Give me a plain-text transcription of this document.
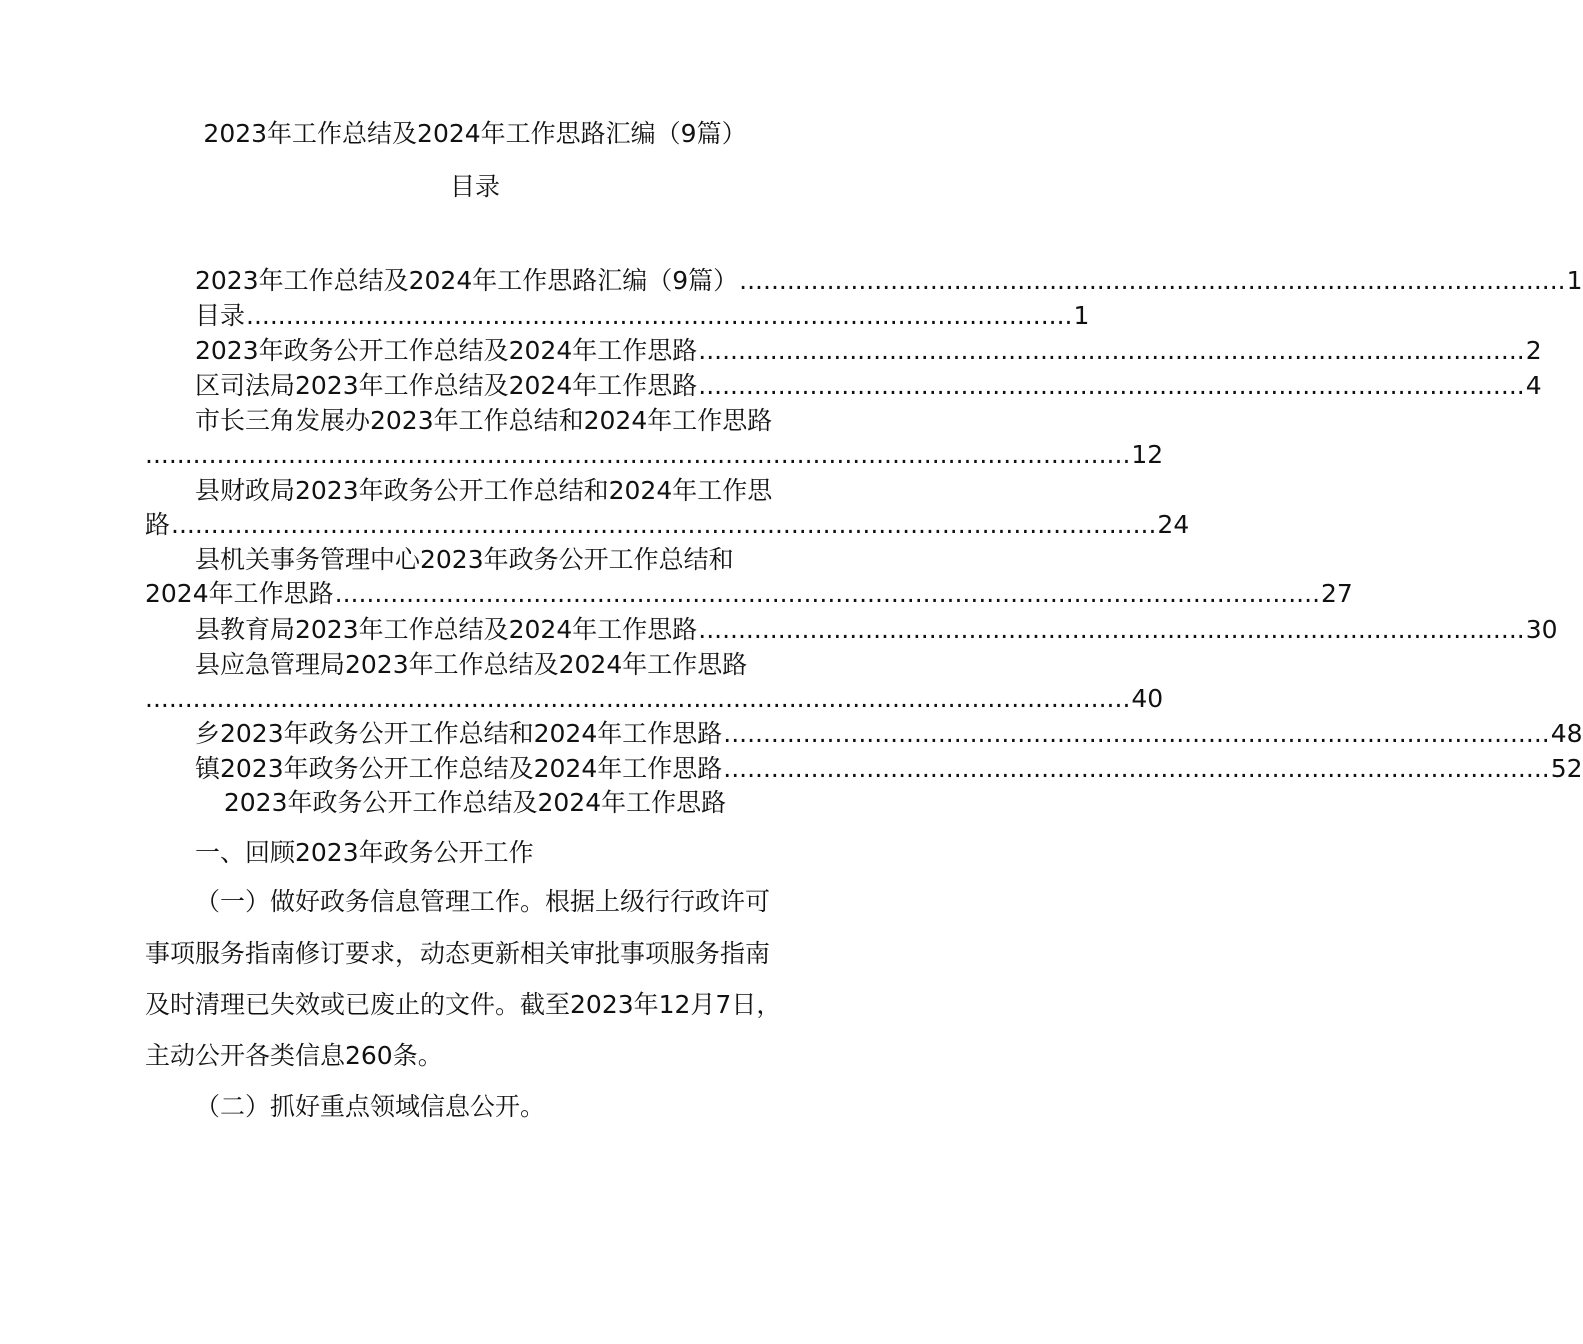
2023年工作总结及2024年工作思路汇编（9篇）
目录
2023年工作总结及2024年工作思路汇编（9篇） ........................................................................................................ 1
目录 ........................................................................................................ 1
2023年政务公开工作总结及2024年工作思路 ........................................................................................................ 2
区司法局2023年工作总结及2024年工作思路 ........................................................................................................ 4
市长三角发展办2023年工作总结和2024年工作思路
............................................................................................................................ 12
县财政局2023年政务公开工作总结和2024年工作思
路 ............................................................................................................................ 24
县机关事务管理中心2023年政务公开工作总结和
2024年工作思路 ............................................................................................................................ 27
县教育局2023年工作总结及2024年工作思路 ........................................................................................................ 30
县应急管理局2023年工作总结及2024年工作思路
............................................................................................................................ 40
乡2023年政务公开工作总结和2024年工作思路 ........................................................................................................ 48
镇2023年政务公开工作总结及2024年工作思路 ........................................................................................................ 52
2023年政务公开工作总结及2024年工作思路
一、回顾2023年政务公开工作
（一）做好政务信息管理工作。根据上级行行政许可
事项服务指南修订要求，动态更新相关审批事项服务指南
及时清理已失效或已废止的文件。截至2023年12月7日，
主动公开各类信息260条。
（二）抓好重点领域信息公开。
